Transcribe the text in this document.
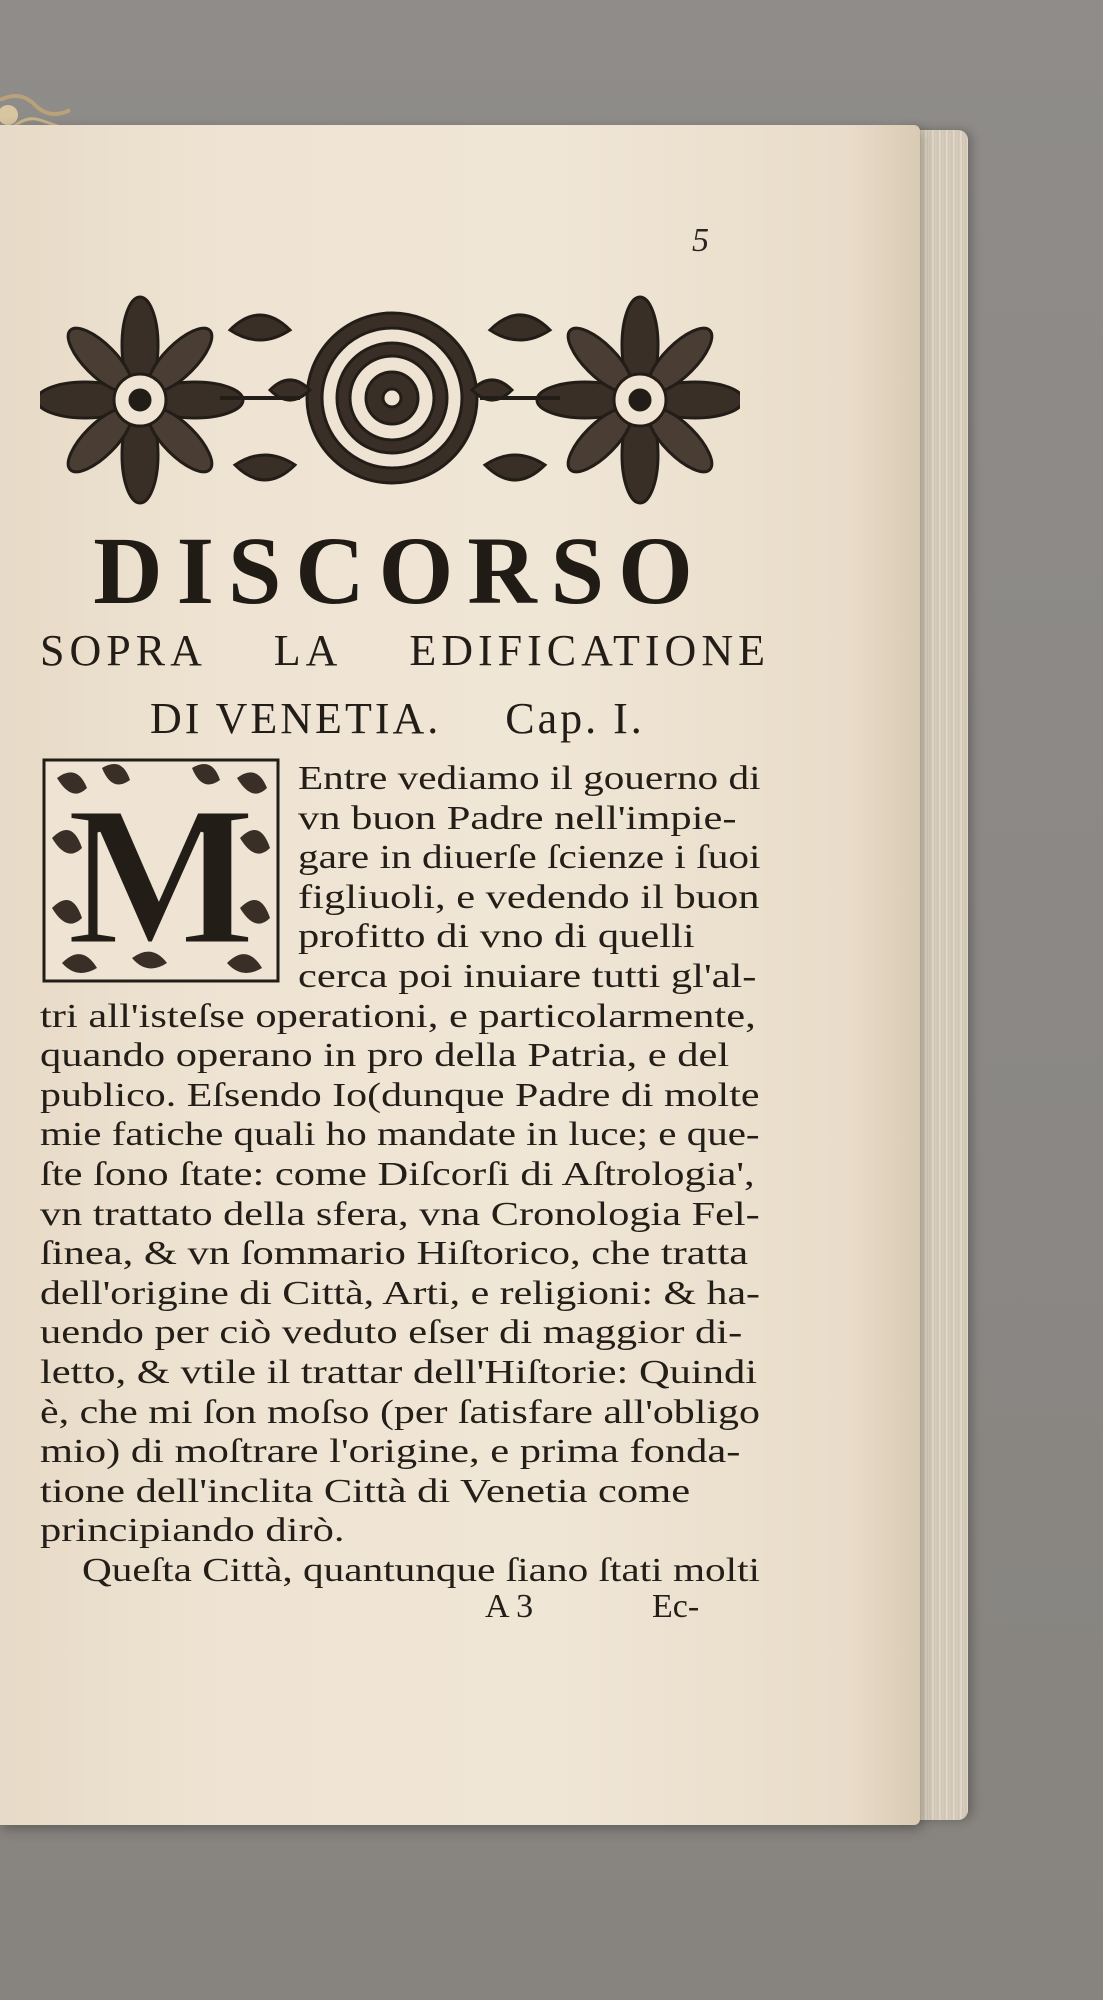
5
DISCORSO
SOPRA LA EDIFICATIONE
DI VENETIA. Cap. I.
M Entre vediamo il gouerno di
vn buon Padre nell'impie-
gare in diuerſe ſcienze i ſuoi
figliuoli, e vedendo il buon
profitto di vno di quelli
cerca poi inuiare tutti gl'al-
tri all'isteſse operationi, e particolarmente,
quando operano in pro della Patria, e del
publico. Eſsendo Io(dunque Padre di molte
mie fatiche quali ho mandate in luce; e que-
ſte ſono ſtate: come Diſcorſi di Aſtrologia',
vn trattato della sfera, vna Cronologia Fel-
ſinea, & vn ſommario Hiſtorico, che tratta
dell'origine di Città, Arti, e religioni: & ha-
uendo per ciò veduto eſser di maggior di-
letto, & vtile il trattar dell'Hiſtorie: Quindi
è, che mi ſon moſso (per ſatisfare all'obligo
mio) di moſtrare l'origine, e prima fonda-
tione dell'inclita Città di Venetia come
principiando dirò.
Queſta Città, quantunque ſiano ſtati molti
A 3	Ec-
